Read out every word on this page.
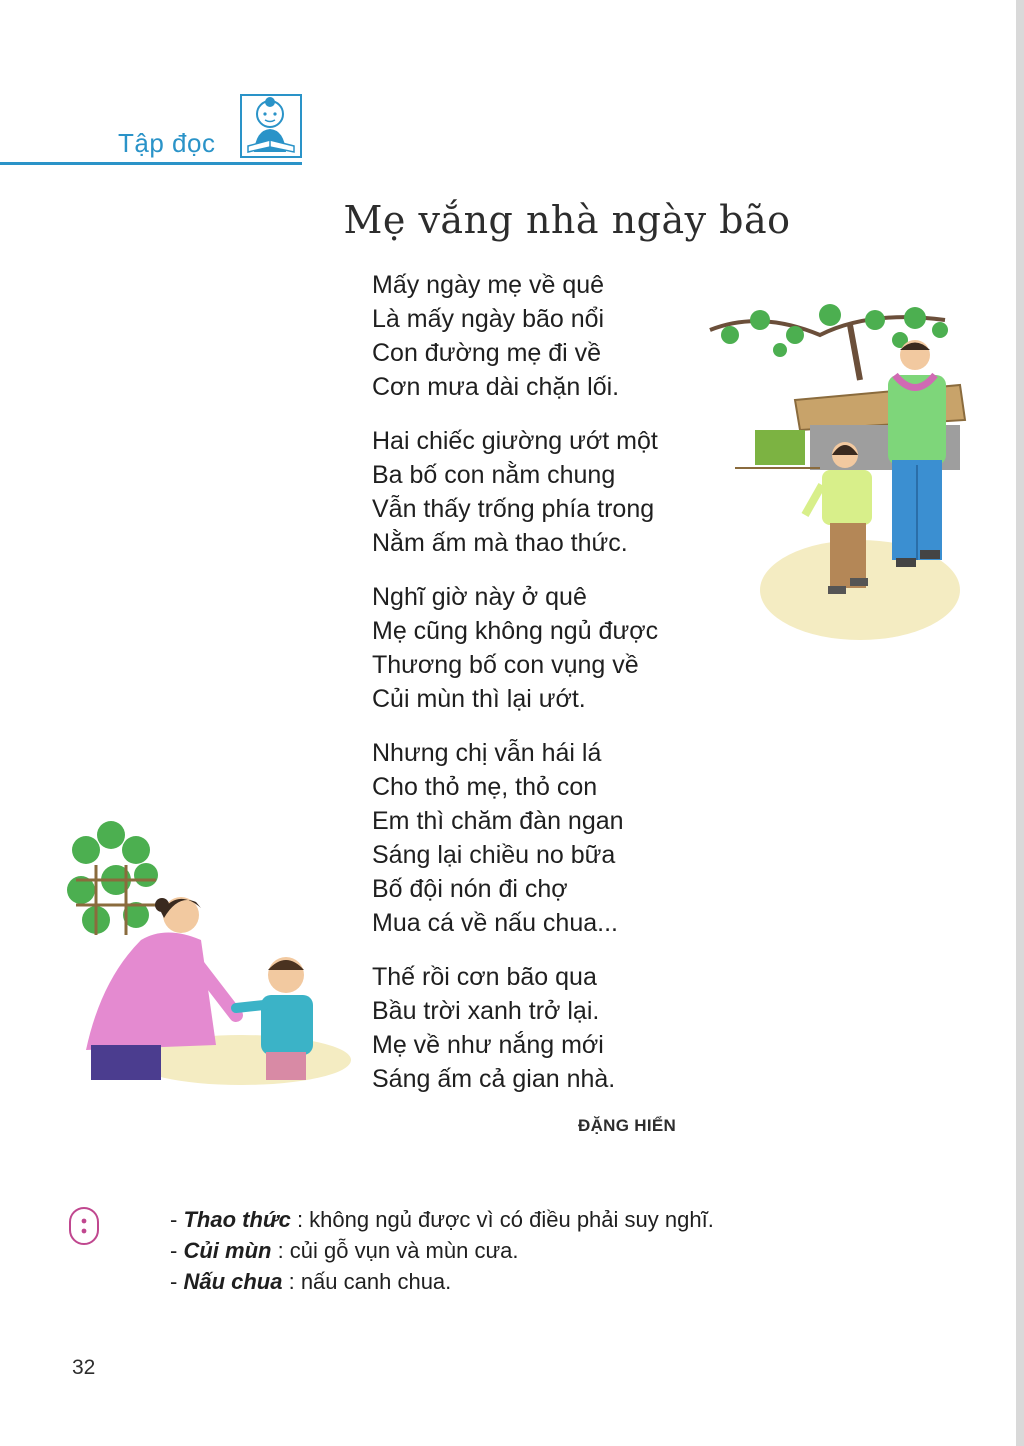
Tập đọc
Mẹ vắng nhà ngày bão
Mấy ngày mẹ về quê
Là mấy ngày bão nổi
Con đường mẹ đi về
Cơn mưa dài chặn lối.
Hai chiếc giường ướt một
Ba bố con nằm chung
Vẫn thấy trống phía trong
Nằm ấm mà thao thức.
Nghĩ giờ này ở quê
Mẹ cũng không ngủ được
Thương bố con vụng về
Củi mùn thì lại ướt.
Nhưng chị vẫn hái lá
Cho thỏ mẹ, thỏ con
Em thì chăm đàn ngan
Sáng lại chiều no bữa
Bố đội nón đi chợ
Mua cá về nấu chua...
Thế rồi cơn bão qua
Bầu trời xanh trở lại.
Mẹ về như nắng mới
Sáng ấm cả gian nhà.
ĐẶNG HIỂN
- Thao thức : không ngủ được vì có điều phải suy nghĩ.
- Củi mùn : củi gỗ vụn và mùn cưa.
- Nấu chua : nấu canh chua.
32
